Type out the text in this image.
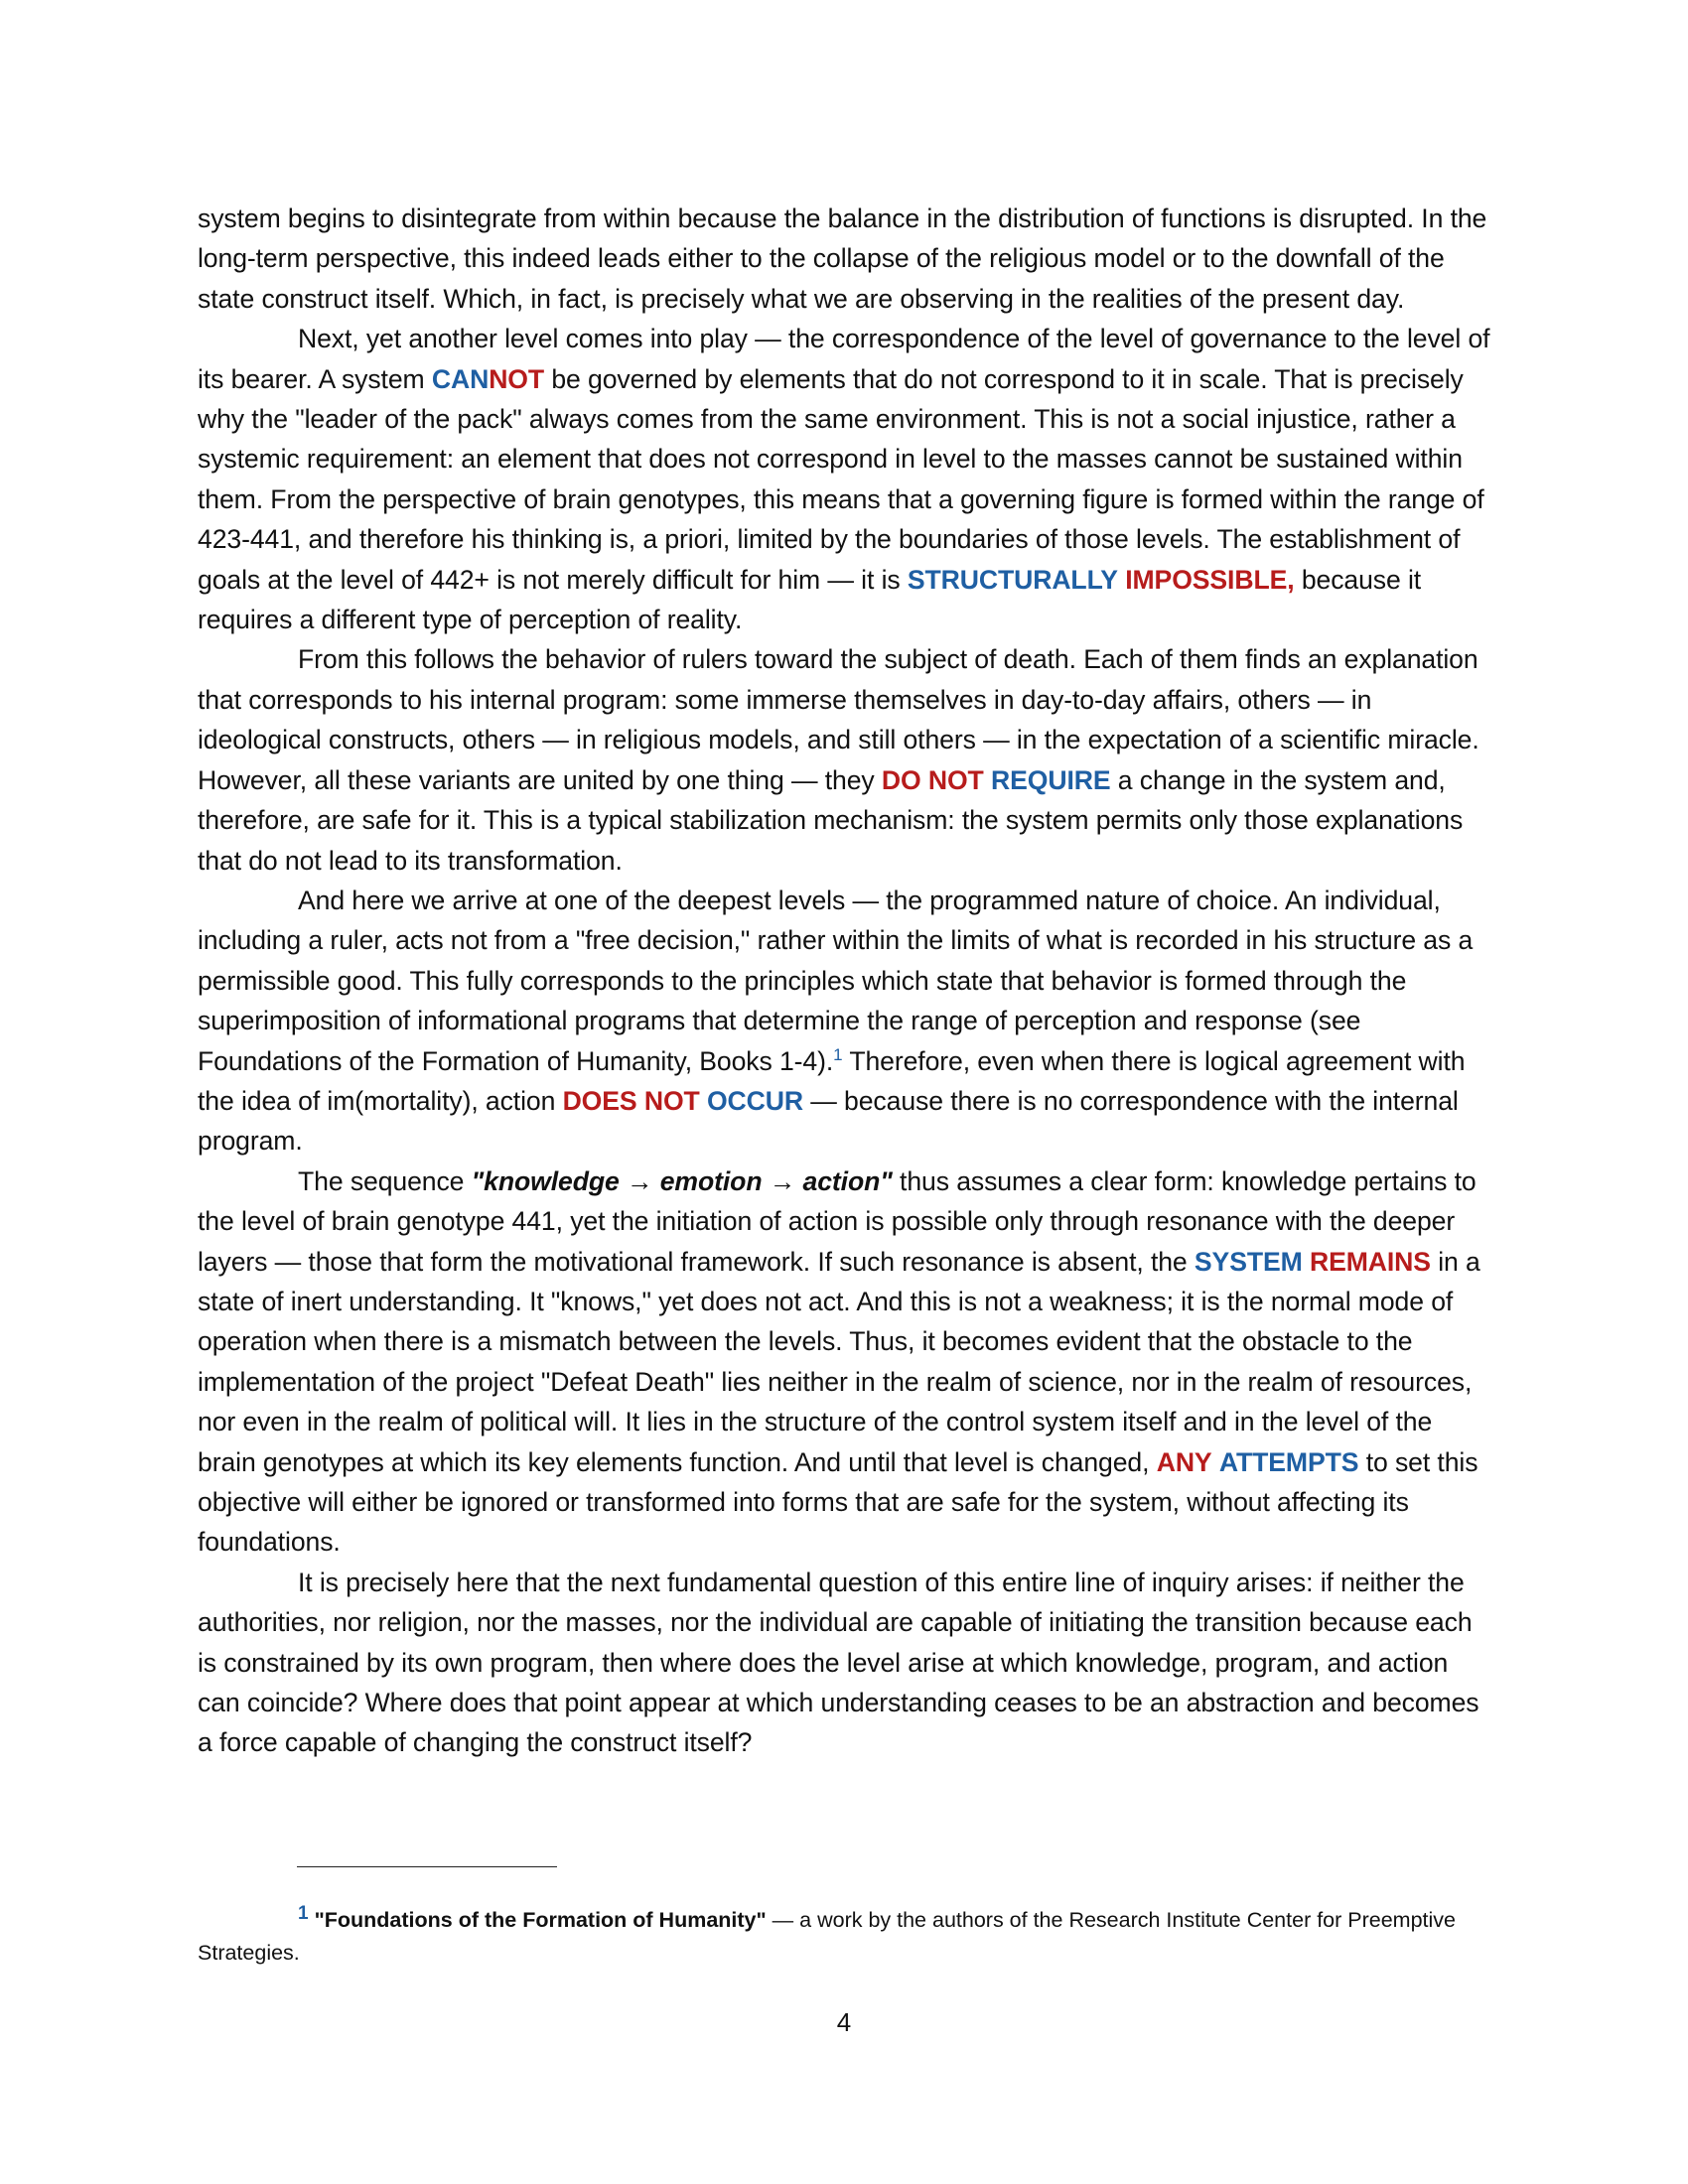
system begins to disintegrate from within because the balance in the distribution of functions is disrupted. In the long-term perspective, this indeed leads either to the collapse of the religious model or to the downfall of the state construct itself. Which, in fact, is precisely what we are observing in the realities of the present day.

Next, yet another level comes into play — the correspondence of the level of governance to the level of its bearer. A system CANNOT be governed by elements that do not correspond to it in scale. That is precisely why the "leader of the pack" always comes from the same environment. This is not a social injustice, rather a systemic requirement: an element that does not correspond in level to the masses cannot be sustained within them. From the perspective of brain genotypes, this means that a governing figure is formed within the range of 423-441, and therefore his thinking is, a priori, limited by the boundaries of those levels. The establishment of goals at the level of 442+ is not merely difficult for him — it is STRUCTURALLY IMPOSSIBLE, because it requires a different type of perception of reality.

From this follows the behavior of rulers toward the subject of death. Each of them finds an explanation that corresponds to his internal program: some immerse themselves in day-to-day affairs, others — in ideological constructs, others — in religious models, and still others — in the expectation of a scientific miracle. However, all these variants are united by one thing — they DO NOT REQUIRE a change in the system and, therefore, are safe for it. This is a typical stabilization mechanism: the system permits only those explanations that do not lead to its transformation.

And here we arrive at one of the deepest levels — the programmed nature of choice. An individual, including a ruler, acts not from a "free decision," rather within the limits of what is recorded in his structure as a permissible good. This fully corresponds to the principles which state that behavior is formed through the superimposition of informational programs that determine the range of perception and response (see Foundations of the Formation of Humanity, Books 1-4).$^1$ Therefore, even when there is logical agreement with the idea of im(mortality), action DOES NOT OCCUR — because there is no correspondence with the internal program.

The sequence "knowledge → emotion → action" thus assumes a clear form: knowledge pertains to the level of brain genotype 441, yet the initiation of action is possible only through resonance with the deeper layers — those that form the motivational framework. If such resonance is absent, the SYSTEM REMAINS in a state of inert understanding. It "knows," yet does not act. And this is not a weakness; it is the normal mode of operation when there is a mismatch between the levels. Thus, it becomes evident that the obstacle to the implementation of the project "Defeat Death" lies neither in the realm of science, nor in the realm of resources, nor even in the realm of political will. It lies in the structure of the control system itself and in the level of the brain genotypes at which its key elements function. And until that level is changed, ANY ATTEMPTS to set this objective will either be ignored or transformed into forms that are safe for the system, without affecting its foundations.

It is precisely here that the next fundamental question of this entire line of inquiry arises: if neither the authorities, nor religion, nor the masses, nor the individual are capable of initiating the transition because each is constrained by its own program, then where does the level arise at which knowledge, program, and action can coincide? Where does that point appear at which understanding ceases to be an abstraction and becomes a force capable of changing the construct itself?

1 "Foundations of the Formation of Humanity" — a work by the authors of the Research Institute Center for Preemptive Strategies.
4
